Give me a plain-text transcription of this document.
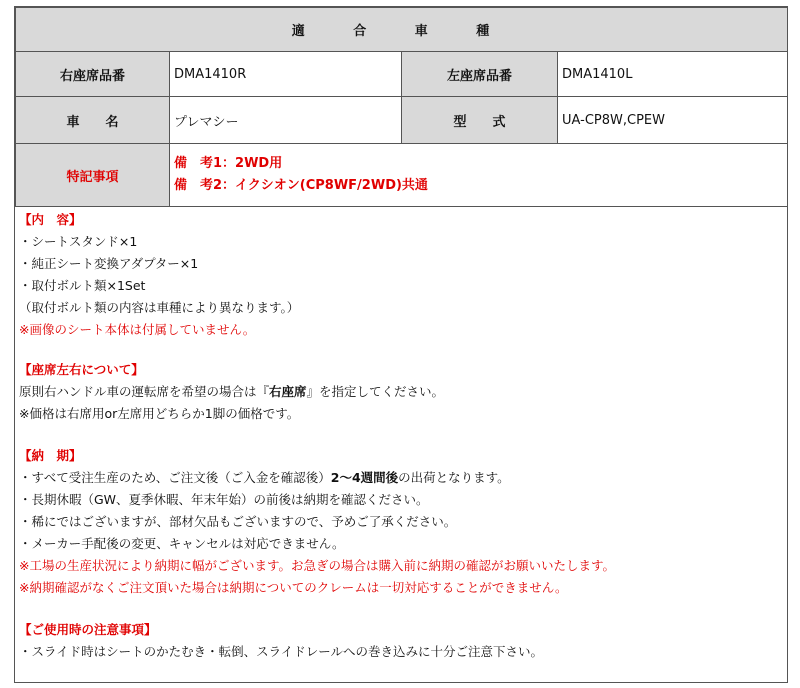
適 合 車 種			
右座席品番	DMA1410R	左座席品番	DMA1410L
車　　名	プレマシー	型　　式	UA-CP8W,CPEW
特記事項	備　考1：2WD用
備　考2：イクシオン(CP8WF/2WD)共通		
【内　容】
・シートスタンド×1
・純正シート変換アダプター×1
・取付ボルト類×1Set
（取付ボルト類の内容は車種により異なります。）
※画像のシート本体は付属していません。
【座席左右について】
原則右ハンドル車の運転席を希望の場合は『右座席』を指定してください。
※価格は右席用or左席用どちらか1脚の価格です。
【納　期】
・すべて受注生産のため、ご注文後（ご入金を確認後）2～4週間後の出荷となります。
・長期休暇（GW、夏季休暇、年末年始）の前後は納期を確認ください。
・稀にではございますが、部材欠品もございますので、予めご了承ください。
・メーカー手配後の変更、キャンセルは対応できません。
※工場の生産状況により納期に幅がございます。お急ぎの場合は購入前に納期の確認がお願いいたします。
※納期確認がなくご注文頂いた場合は納期についてのクレームは一切対応することができません。
【ご使用時の注意事項】
・スライド時はシートのかたむき・転倒、スライドレールへの巻き込みに十分ご注意下さい。
